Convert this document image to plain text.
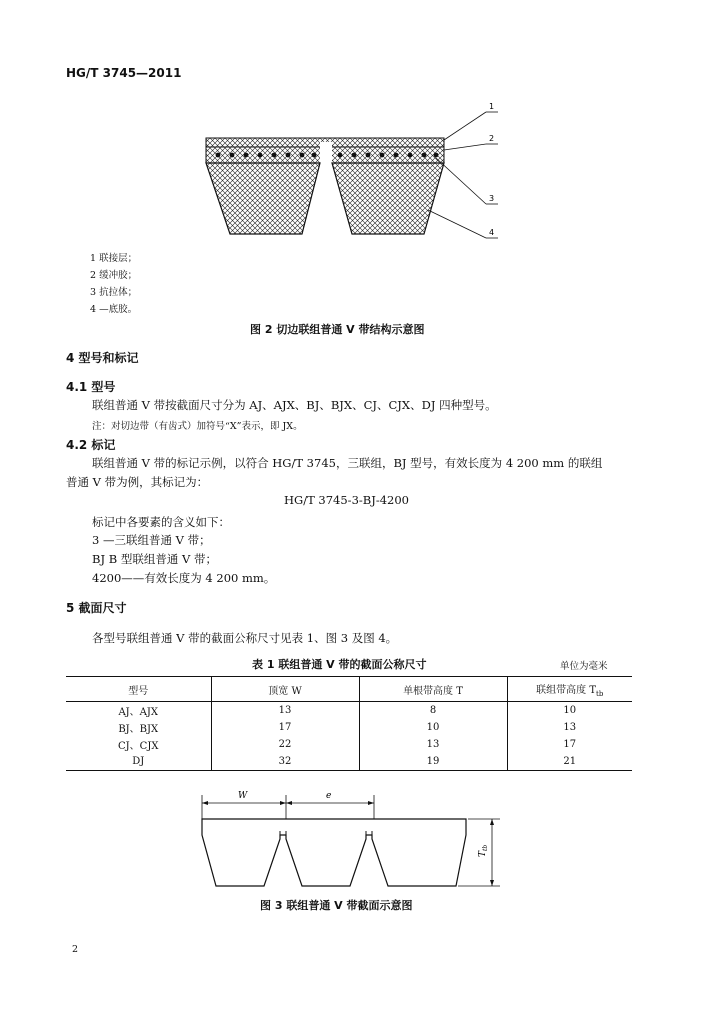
HG/T 3745—2011
1
2
3
4
1 联接层；
2 缓冲胶；
3 抗拉体；
4 —底胶。
图 2 切边联组普通 V 带结构示意图
4 型号和标记
4.1 型号
联组普通 V 带按截面尺寸分为 AJ、AJX、BJ、BJX、CJ、CJX、DJ 四种型号。
注：对切边带（有齿式）加符号“X”表示，即 JX。
4.2 标记
联组普通 V 带的标记示例，以符合 HG/T 3745，三联组，BJ 型号，有效长度为 4 200 mm 的联组
普通 V 带为例，其标记为：
HG/T 3745-3-BJ-4200
标记中各要素的含义如下：
3 —三联组普通 V 带；
BJ B 型联组普通 V 带；
4200——有效长度为 4 200 mm。
5 截面尺寸
各型号联组普通 V 带的截面公称尺寸见表 1、图 3 及图 4。
表 1 联组普通 V 带的截面公称尺寸	单位为毫米
型号	顶宽 W	单根带高度 T	联组带高度 $T_{tb}$
AJ、AJX	13	8	10
BJ、BJX	17	10	13
CJ、CJX	22	13	17
DJ	32	19	21
W	e
$T_{tb}$
图 3 联组普通 V 带截面示意图
2
